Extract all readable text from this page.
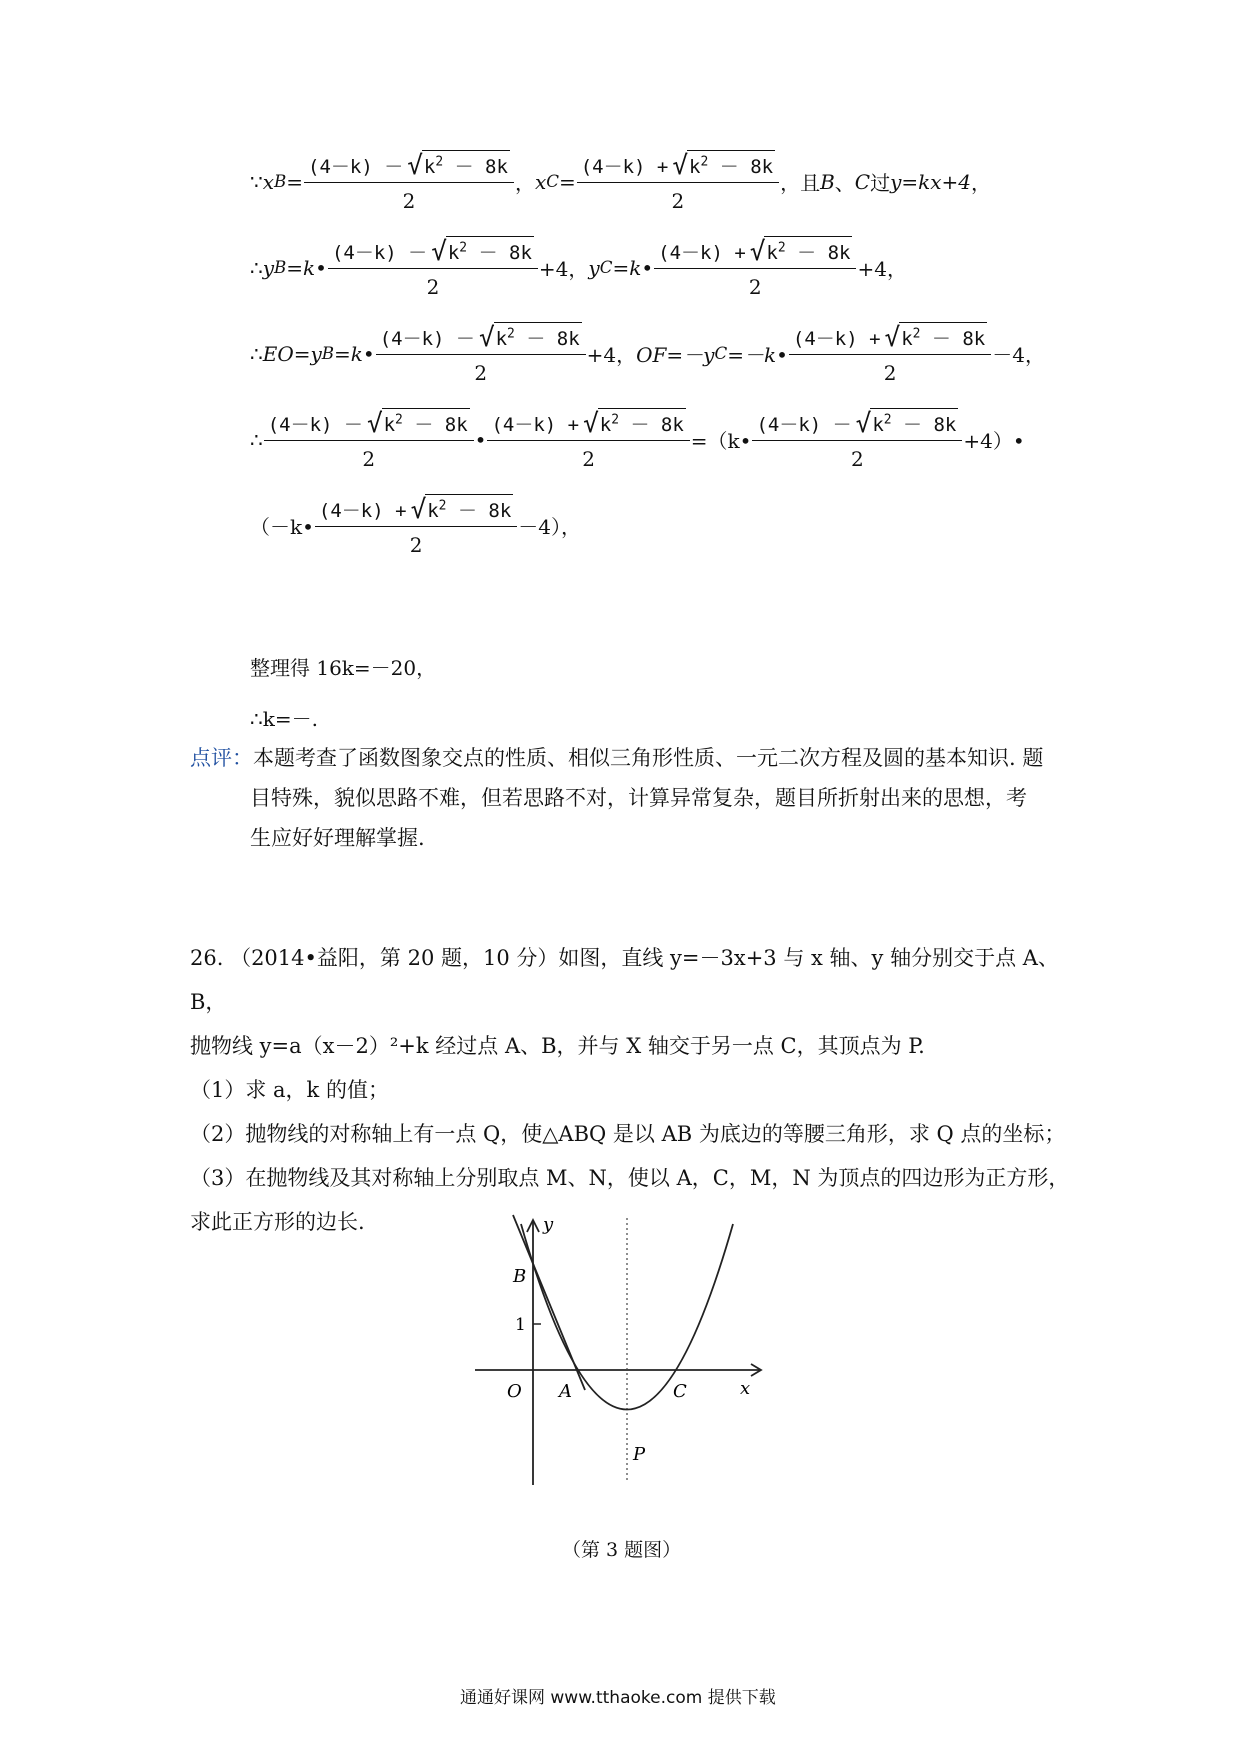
∵ x $B = \frac{(4-k) - √ k^2 - 8k}{2}$ ， x $C = \frac{(4-k) + √ k^2 - 8k}{2}$ ，且 B 、 C 过 y=kx+4 ，
∴ y B =k• $\frac{(4-k) - √ k^2 - 8k}{2} +4$， y C =k• $\frac{(4-k) + √ k^2 - 8k}{2} +4$，
∴ EO=y B =k• $\frac{(4-k) - √ k^2 - 8k}{2} +4$， OF=－y C =－k• $\frac{(4-k) + √ k^2 - 8k}{2} -4$，
∴ $\frac{(4-k) - √ k^2 - 8k}{2}$ • $\frac{(4-k) + √ k^2 - 8k}{2}$ =（k• $\frac{(4-k) - √ k^2 - 8k}{2}$ +4）•
（－k• $\frac{(4-k) + √ k^2 - 8k}{2} -4$），
整理得 16k=－20，
∴k=－.
点评：本题考查了函数图象交点的性质、相似三角形性质、一元二次方程及圆的基本知识. 题
目特殊，貌似思路不难，但若思路不对，计算异常复杂，题目所折射出来的思想，考
生应好好理解掌握.
26. （2014•益阳，第 20 题，10 分）如图，直线 y=－3x+3 与 x 轴、y 轴分别交于点 A、B，
抛物线 y=a（x－2）²+k 经过点 A、B，并与 X 轴交于另一点 C，其顶点为 P.
（1）求 a，k 的值；
（2）抛物线的对称轴上有一点 Q，使△ABQ 是以 AB 为底边的等腰三角形，求 Q 点的坐标；
（3）在抛物线及其对称轴上分别取点 M、N，使以 A，C，M，N 为顶点的四边形为正方形，
求此正方形的边长.	y
x
B
1
O A	C
P
（第 3 题图）
通通好课网 www.tthaoke.com 提供下载
